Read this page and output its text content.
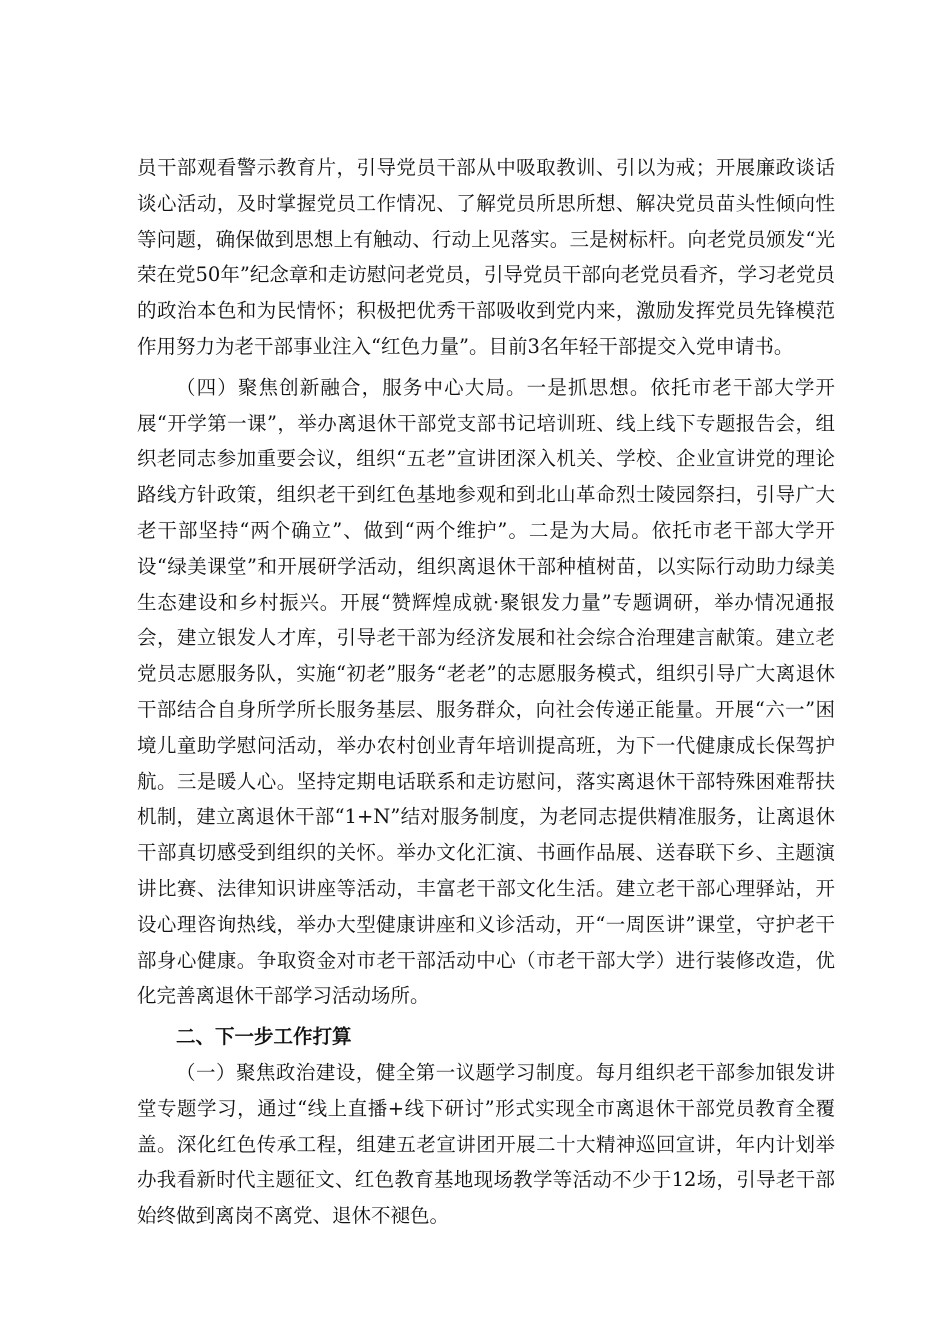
员干部观看警示教育片，引导党员干部从中吸取教训、引以为戒；开展廉政谈话谈心活动，及时掌握党员工作情况、了解党员所思所想、解决党员苗头性倾向性等问题，确保做到思想上有触动、行动上见落实。三是树标杆。向老党员颁发“光荣在党50年”纪念章和走访慰问老党员，引导党员干部向老党员看齐，学习老党员的政治本色和为民情怀；积极把优秀干部吸收到党内来，激励发挥党员先锋模范作用努力为老干部事业注入“红色力量”。目前3名年轻干部提交入党申请书。

（四）聚焦创新融合，服务中心大局。一是抓思想。依托市老干部大学开展“开学第一课”，举办离退休干部党支部书记培训班、线上线下专题报告会，组织老同志参加重要会议，组织“五老”宣讲团深入机关、学校、企业宣讲党的理论路线方针政策，组织老干到红色基地参观和到北山革命烈士陵园祭扫，引导广大老干部坚持“两个确立”、做到“两个维护”。二是为大局。依托市老干部大学开设“绿美课堂”和开展研学活动，组织离退休干部种植树苗，以实际行动助力绿美生态建设和乡村振兴。开展“赞辉煌成就·聚银发力量”专题调研，举办情况通报会，建立银发人才库，引导老干部为经济发展和社会综合治理建言献策。建立老党员志愿服务队，实施“初老”服务“老老”的志愿服务模式，组织引导广大离退休干部结合自身所学所长服务基层、服务群众，向社会传递正能量。开展“六一”困境儿童助学慰问活动，举办农村创业青年培训提高班，为下一代健康成长保驾护航。三是暖人心。坚持定期电话联系和走访慰问，落实离退休干部特殊困难帮扶机制，建立离退休干部“1+N”结对服务制度，为老同志提供精准服务，让离退休干部真切感受到组织的关怀。举办文化汇演、书画作品展、送春联下乡、主题演讲比赛、法律知识讲座等活动，丰富老干部文化生活。建立老干部心理驿站，开设心理咨询热线，举办大型健康讲座和义诊活动，开“一周医讲”课堂，守护老干部身心健康。争取资金对市老干部活动中心（市老干部大学）进行装修改造，优化完善离退休干部学习活动场所。

二、下一步工作打算

（一）聚焦政治建设，健全第一议题学习制度。每月组织老干部参加银发讲堂专题学习，通过“线上直播+线下研讨”形式实现全市离退休干部党员教育全覆盖。深化红色传承工程，组建五老宣讲团开展二十大精神巡回宣讲，年内计划举办我看新时代主题征文、红色教育基地现场教学等活动不少于12场，引导老干部始终做到离岗不离党、退休不褪色。
